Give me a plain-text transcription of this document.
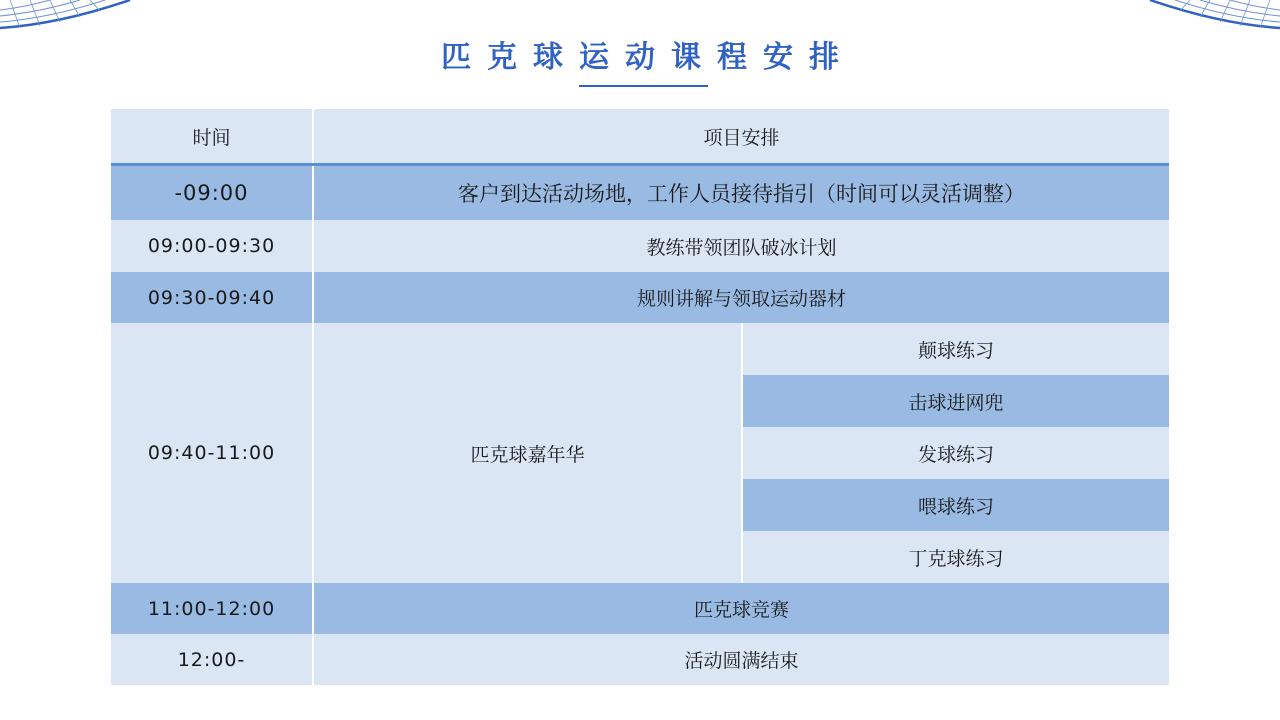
匹克球运动课程安排
时间	项目安排
-09:00	客户到达活动场地，工作人员接待指引（时间可以灵活调整）
09:00-09:30	教练带领团队破冰计划
09:30-09:40	规则讲解与领取运动器材
09:40-11:00	匹克球嘉年华
颠球练习
击球进网兜
发球练习
喂球练习
丁克球练习
11:00-12:00	匹克球竞赛
12:00-	活动圆满结束
